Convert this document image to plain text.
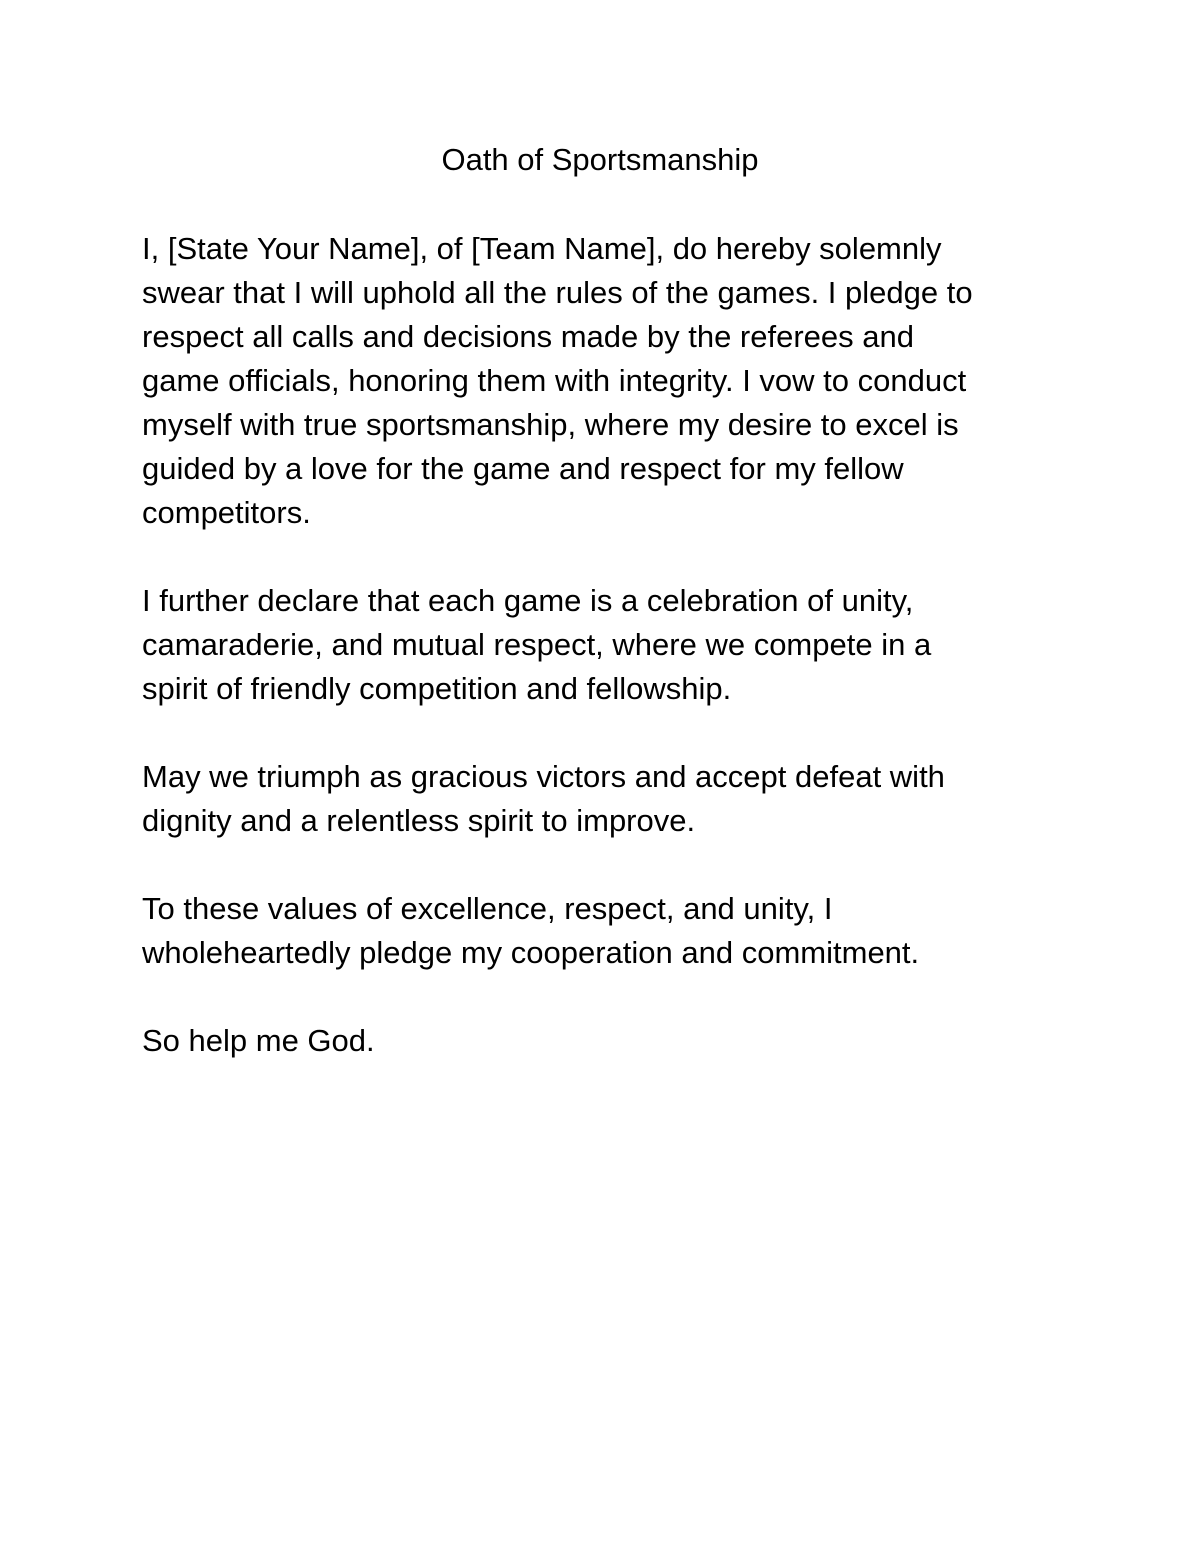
Oath of Sportsmanship

I, [State Your Name], of [Team Name], do hereby solemnly
swear that I will uphold all the rules of the games. I pledge to
respect all calls and decisions made by the referees and
game officials, honoring them with integrity. I vow to conduct
myself with true sportsmanship, where my desire to excel is
guided by a love for the game and respect for my fellow
competitors.

I further declare that each game is a celebration of unity,
camaraderie, and mutual respect, where we compete in a
spirit of friendly competition and fellowship.

May we triumph as gracious victors and accept defeat with
dignity and a relentless spirit to improve.

To these values of excellence, respect, and unity, I
wholeheartedly pledge my cooperation and commitment.

So help me God.
